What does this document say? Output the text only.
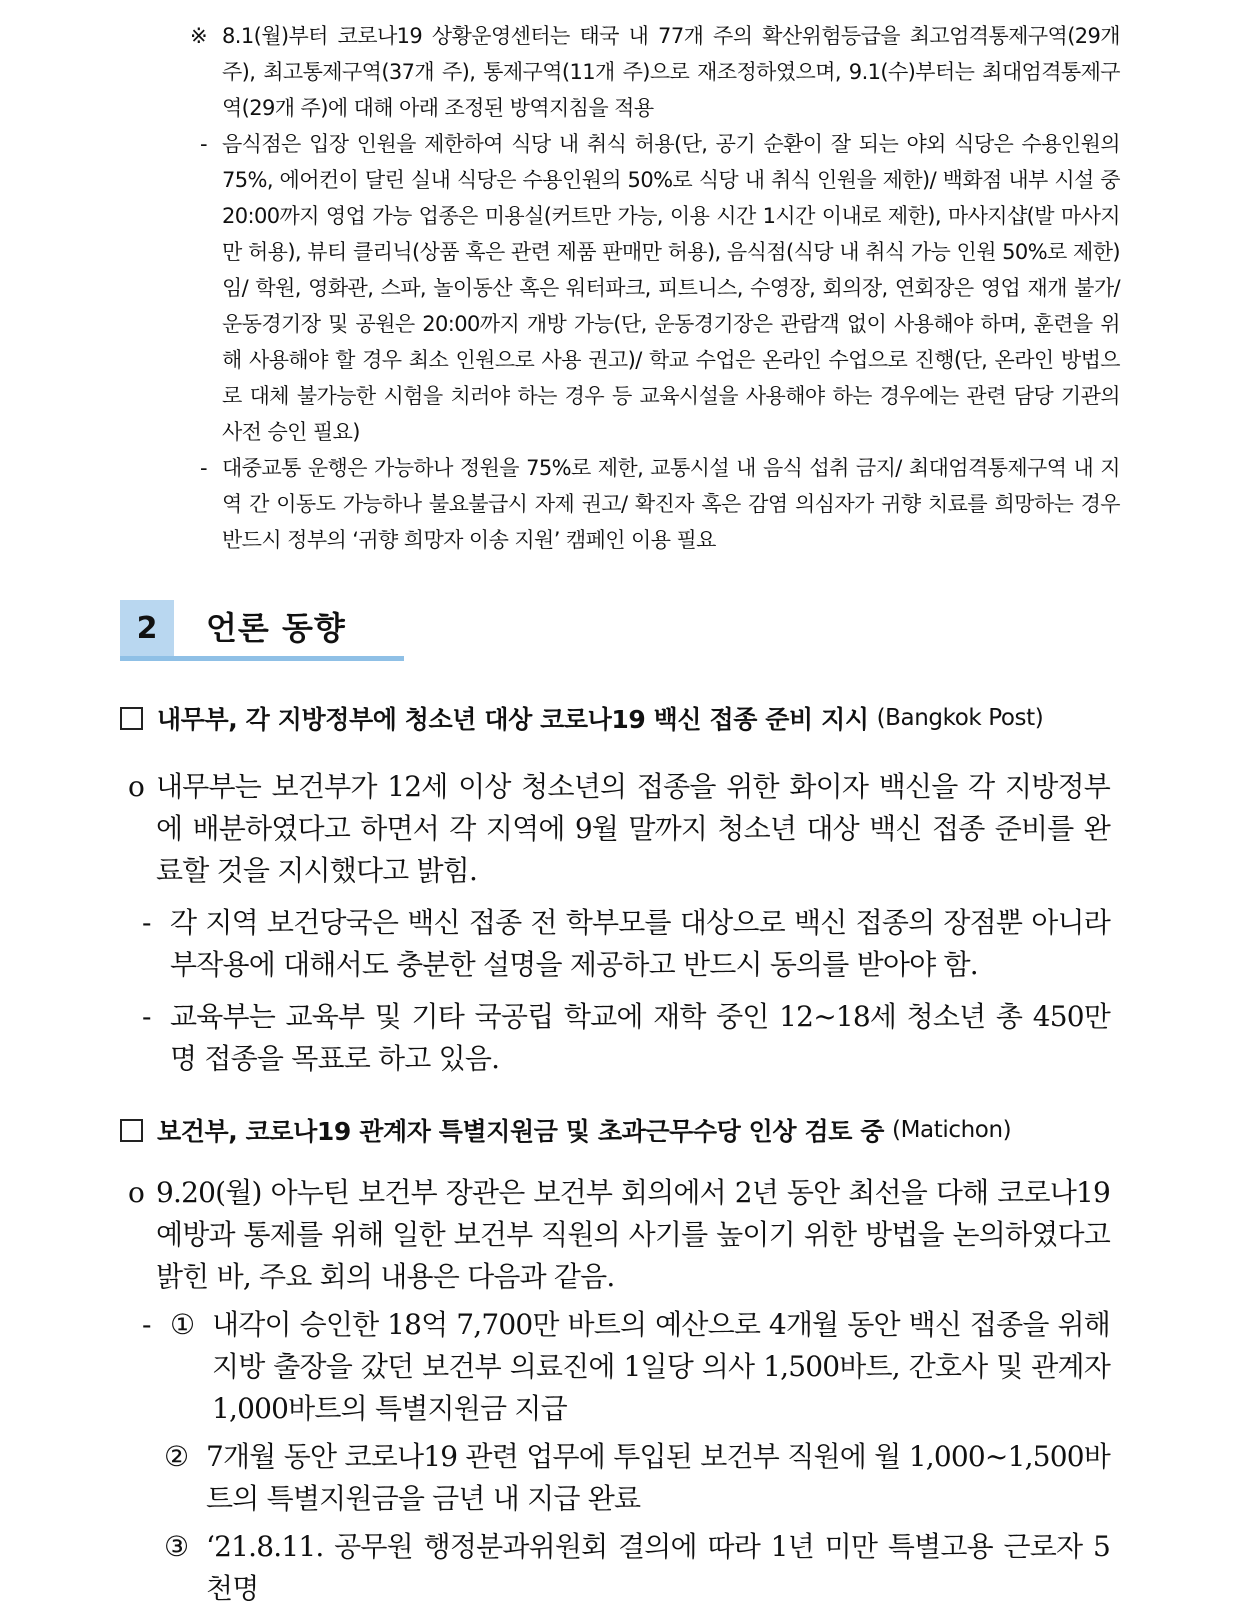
※ 8.1(월)부터 코로나19 상황운영센터는 태국 내 77개 주의 확산위험등급을 최고엄격통제구역(29개 주), 최고통제구역(37개 주), 통제구역(11개 주)으로 재조정하였으며, 9.1(수)부터는 최대엄격통제구역(29개 주)에 대해 아래 조정된 방역지침을 적용
- 음식점은 입장 인원을 제한하여 식당 내 취식 허용(단, 공기 순환이 잘 되는 야외 식당은 수용인원의 75%, 에어컨이 달린 실내 식당은 수용인원의 50%로 식당 내 취식 인원을 제한)/ 백화점 내부 시설 중 20:00까지 영업 가능 업종은 미용실(커트만 가능, 이용 시간 1시간 이내로 제한), 마사지샵(발 마사지만 허용), 뷰티 클리닉(상품 혹은 관련 제품 판매만 허용), 음식점(식당 내 취식 가능 인원 50%로 제한)임/ 학원, 영화관, 스파, 놀이동산 혹은 워터파크, 피트니스, 수영장, 회의장, 연회장은 영업 재개 불가/ 운동경기장 및 공원은 20:00까지 개방 가능(단, 운동경기장은 관람객 없이 사용해야 하며, 훈련을 위해 사용해야 할 경우 최소 인원으로 사용 권고)/ 학교 수업은 온라인 수업으로 진행(단, 온라인 방법으로 대체 불가능한 시험을 치러야 하는 경우 등 교육시설을 사용해야 하는 경우에는 관련 담당 기관의 사전 승인 필요)
- 대중교통 운행은 가능하나 정원을 75%로 제한, 교통시설 내 음식 섭취 금지/ 최대엄격통제구역 내 지역 간 이동도 가능하나 불요불급시 자제 권고/ 확진자 혹은 감염 의심자가 귀향 치료를 희망하는 경우 반드시 정부의 ‘귀향 희망자 이송 지원’ 캠페인 이용 필요
2	언론 동향
내무부, 각 지방정부에 청소년 대상 코로나19 백신 접종 준비 지시 (Bangkok Post)
o 내무부는 보건부가 12세 이상 청소년의 접종을 위한 화이자 백신을 각 지방정부에 배분하였다고 하면서 각 지역에 9월 말까지 청소년 대상 백신 접종 준비를 완료할 것을 지시했다고 밝힘.
- 각 지역 보건당국은 백신 접종 전 학부모를 대상으로 백신 접종의 장점뿐 아니라 부작용에 대해서도 충분한 설명을 제공하고 반드시 동의를 받아야 함.
- 교육부는 교육부 및 기타 국공립 학교에 재학 중인 12~18세 청소년 총 450만 명 접종을 목표로 하고 있음.
보건부, 코로나19 관계자 특별지원금 및 초과근무수당 인상 검토 중 (Matichon)
o 9.20(월) 아누틴 보건부 장관은 보건부 회의에서 2년 동안 최선을 다해 코로나19 예방과 통제를 위해 일한 보건부 직원의 사기를 높이기 위한 방법을 논의하였다고 밝힌 바, 주요 회의 내용은 다음과 같음.
- ① 내각이 승인한 18억 7,700만 바트의 예산으로 4개월 동안 백신 접종을 위해 지방 출장을 갔던 보건부 의료진에 1일당 의사 1,500바트, 간호사 및 관계자 1,000바트의 특별지원금 지급
② 7개월 동안 코로나19 관련 업무에 투입된 보건부 직원에 월 1,000~1,500바트의 특별지원금을 금년 내 지급 완료
③ ‘21.8.11. 공무원 행정분과위원회 결의에 따라 1년 미만 특별고용 근로자 5천명
